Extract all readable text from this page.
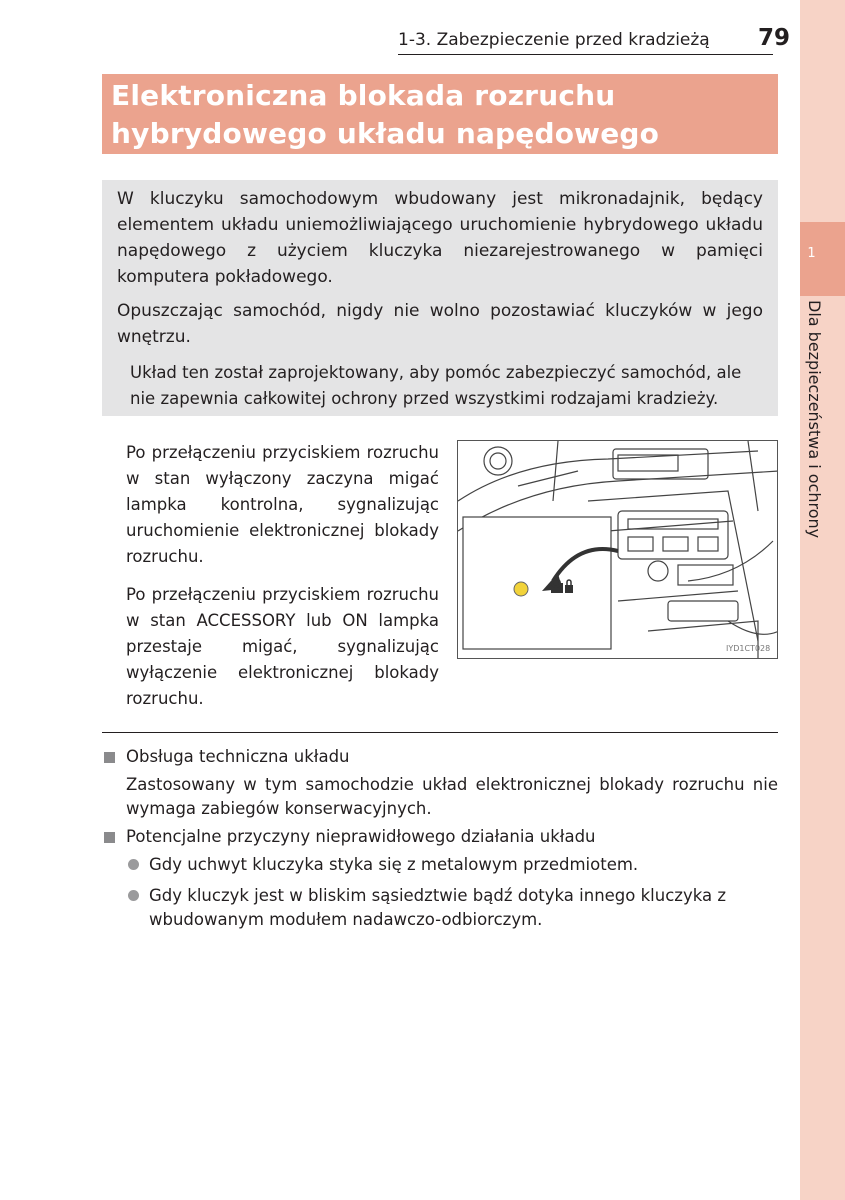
1
Dla bezpieczeństwa i ochrony
1-3. Zabezpieczenie przed kradzieżą 79
Elektroniczna blokada rozruchu
hybrydowego układu napędowego

W kluczyku samochodowym wbudowany jest mikronadajnik, będący elementem układu uniemożliwiającego uruchomienie hybrydowego układu napędowego z użyciem kluczyka niezarejestrowanego w pamięci komputera pokładowego.

Opuszczając samochód, nigdy nie wolno pozostawiać kluczyków w jego wnętrzu.

Układ ten został zaprojektowany, aby pomóc zabezpieczyć samochód, ale nie zapewnia całkowitej ochrony przed wszystkimi rodzajami kradzieży.

Po przełączeniu przyciskiem rozruchu w stan wyłączony zaczyna migać lampka kontrolna, sygnalizując uruchomienie elektronicznej blokady rozruchu.

Po przełączeniu przyciskiem rozruchu w stan ACCESSORY lub ON lampka przestaje migać, sygnalizując wyłączenie elektronicznej blokady rozruchu.

IYD1CT028

Obsługa techniczna układu

Zastosowany w tym samochodzie układ elektronicznej blokady rozruchu nie wymaga zabiegów konserwacyjnych.

Potencjalne przyczyny nieprawidłowego działania układu

Gdy uchwyt kluczyka styka się z metalowym przedmiotem.

Gdy kluczyk jest w bliskim sąsiedztwie bądź dotyka innego kluczyka z wbudowanym modułem nadawczo-odbiorczym.
